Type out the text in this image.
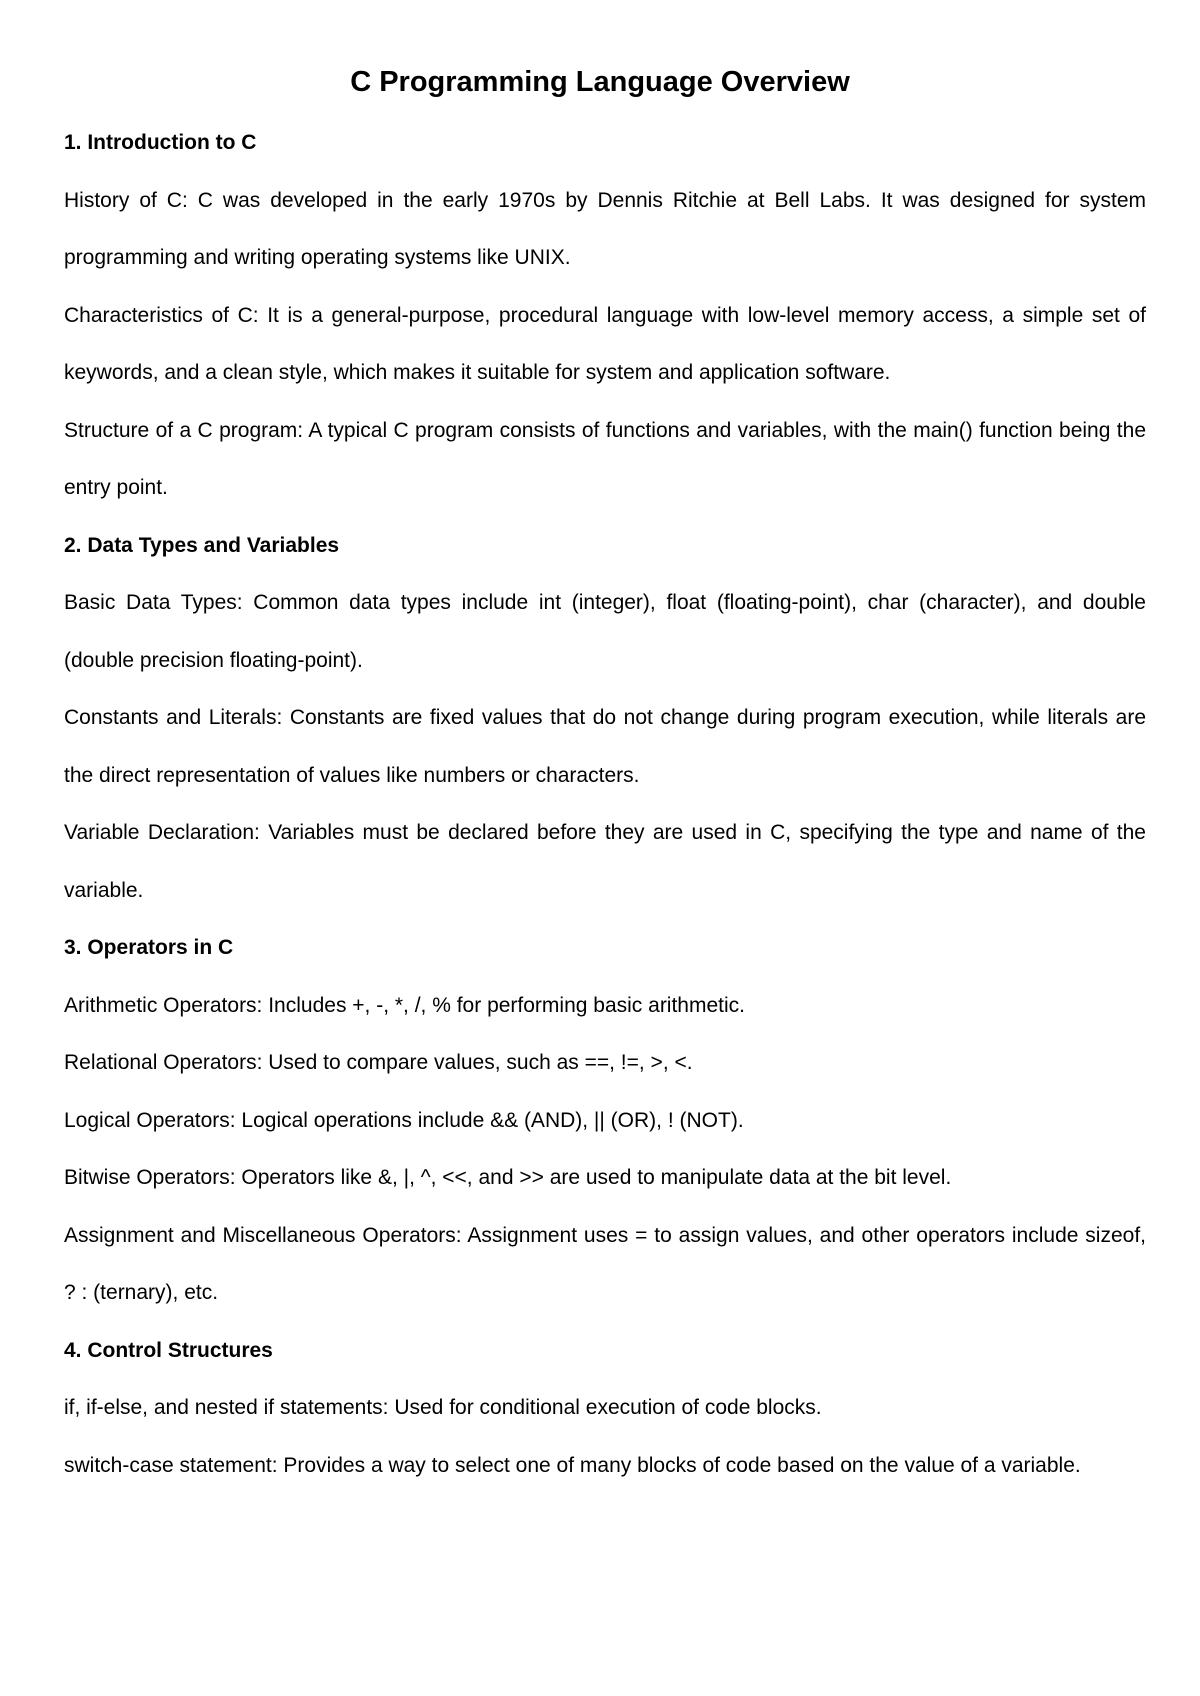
C Programming Language Overview
1. Introduction to C

History of C: C was developed in the early 1970s by Dennis Ritchie at Bell Labs. It was designed for system programming and writing operating systems like UNIX.

Characteristics of C: It is a general-purpose, procedural language with low-level memory access, a simple set of keywords, and a clean style, which makes it suitable for system and application software.

Structure of a C program: A typical C program consists of functions and variables, with the main() function being the entry point.

2. Data Types and Variables

Basic Data Types: Common data types include int (integer), float (floating-point), char (character), and double (double precision floating-point).

Constants and Literals: Constants are fixed values that do not change during program execution, while literals are the direct representation of values like numbers or characters.

Variable Declaration: Variables must be declared before they are used in C, specifying the type and name of the variable.

3. Operators in C

Arithmetic Operators: Includes +, -, *, /, % for performing basic arithmetic.

Relational Operators: Used to compare values, such as ==, !=, >, <.

Logical Operators: Logical operations include && (AND), || (OR), ! (NOT).

Bitwise Operators: Operators like &, |, ^, <<, and >> are used to manipulate data at the bit level.

Assignment and Miscellaneous Operators: Assignment uses = to assign values, and other operators include sizeof, ? : (ternary), etc.

4. Control Structures

if, if-else, and nested if statements: Used for conditional execution of code blocks.

switch-case statement: Provides a way to select one of many blocks of code based on the value of a variable.
